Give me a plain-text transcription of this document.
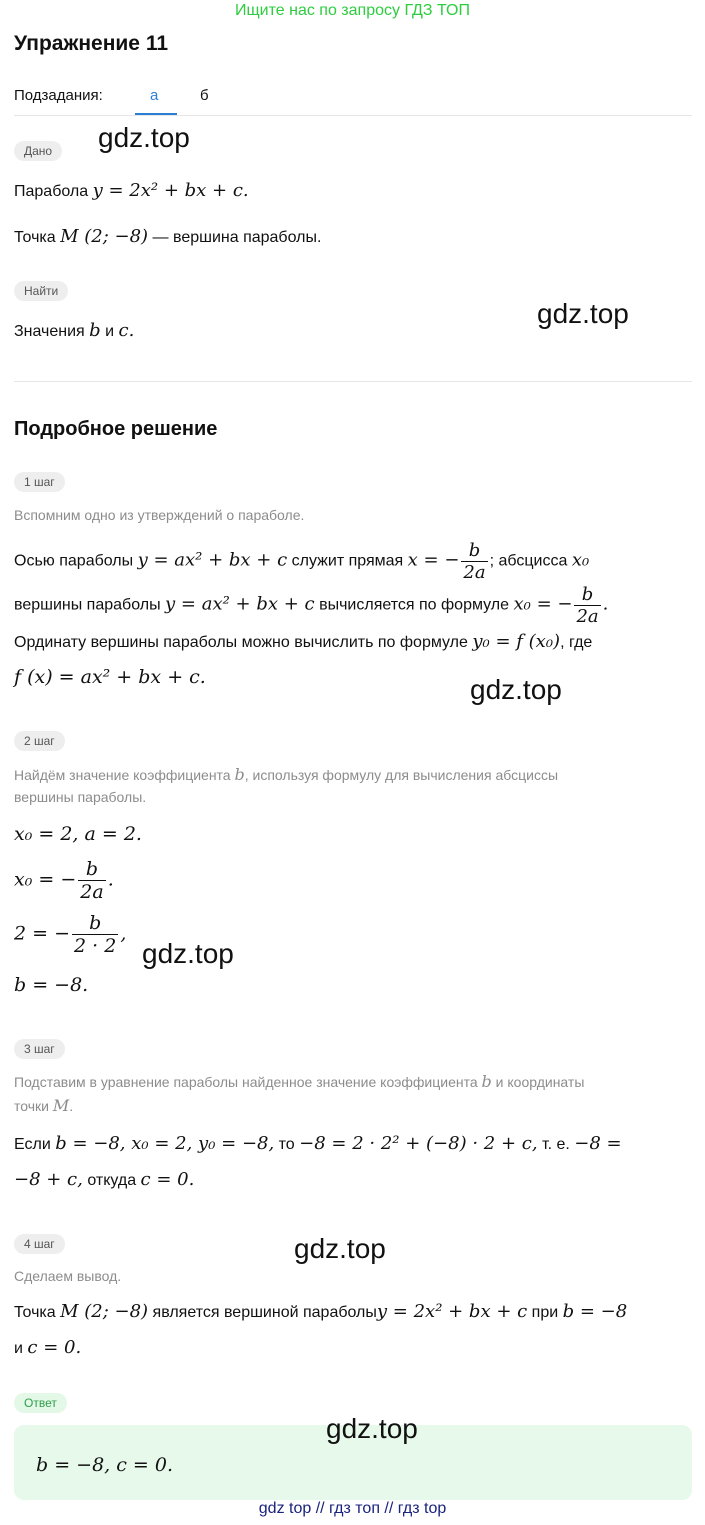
Ищите нас по запросу ГДЗ ТОП
Упражнение 11
Подзадания:	а	б
Дано	gdz.top
Парабола y = 2x² + bx + c.
Точка M (2; −8) — вершина параболы.
Найти
gdz.top
Значения b и c.
Подробное решение
1 шаг
Вспомним одно из утверждений о параболе.
Осью параболы y = ax² + bx + c служит прямая x = − $\frac{b}{2a}$ ; абсцисса x₀
вершины параболы y = ax² + bx + c вычисляется по формуле x₀ = − $\frac{b}{2a}$ .
Ординату вершины параболы можно вычислить по формуле y₀ = f (x₀), где
f (x) = ax² + bx + c.	gdz.top
2 шаг
Найдём значение коэффициента b, используя формулу для вычисления абсциссы
вершины параболы.
x₀ = 2, a = 2.
x₀ = − $\frac{b}{2a}$ .
2 = − $\frac{b}{2 \cdot 2}$ ,
gdz.top
b = −8.
3 шаг
Подставим в уравнение параболы найденное значение коэффициента b и координаты
точки M.
Если b = −8, x₀ = 2, y₀ = −8, то −8 = 2 · 2² + (−8) · 2 + c, т. е. −8 =
−8 + c, откуда c = 0.
4 шаг	gdz.top
Сделаем вывод.
Точка M (2; −8) является вершиной параболыy = 2x² + bx + c при b = −8
и c = 0.
Ответ
gdz.top
b = −8, c = 0.
gdz top // гдз топ // гдз top
